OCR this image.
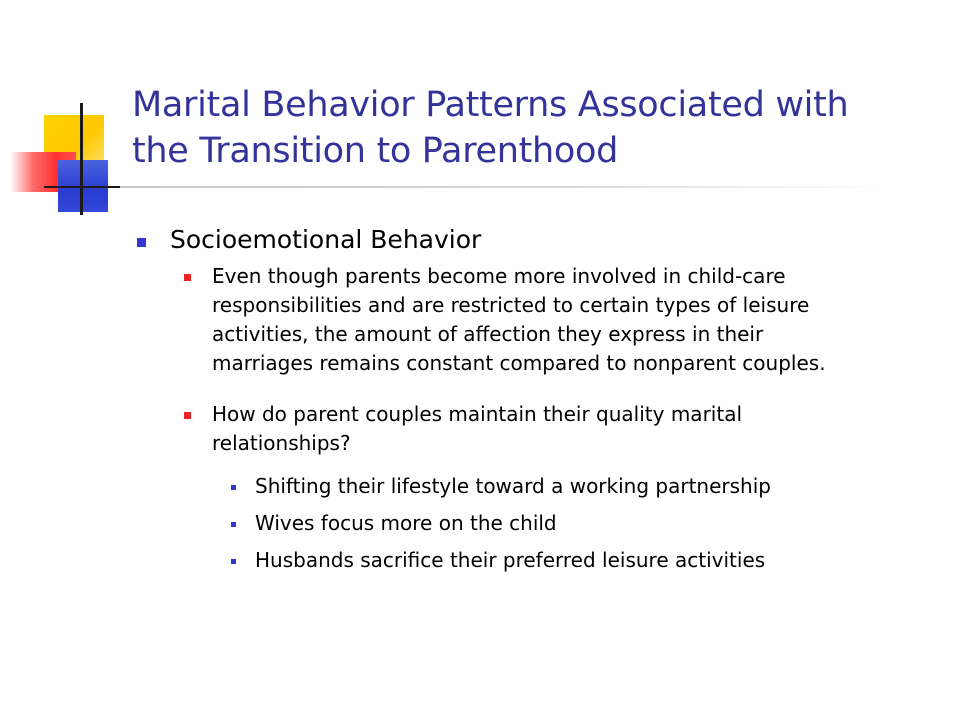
Marital Behavior Patterns Associated with
the Transition to Parenthood
Socioemotional Behavior
Even though parents become more involved in child-care
responsibilities and are restricted to certain types of leisure
activities, the amount of affection they express in their
marriages remains constant compared to nonparent couples.
How do parent couples maintain their quality marital
relationships?
Shifting their lifestyle toward a working partnership
Wives focus more on the child
Husbands sacrifice their preferred leisure activities
